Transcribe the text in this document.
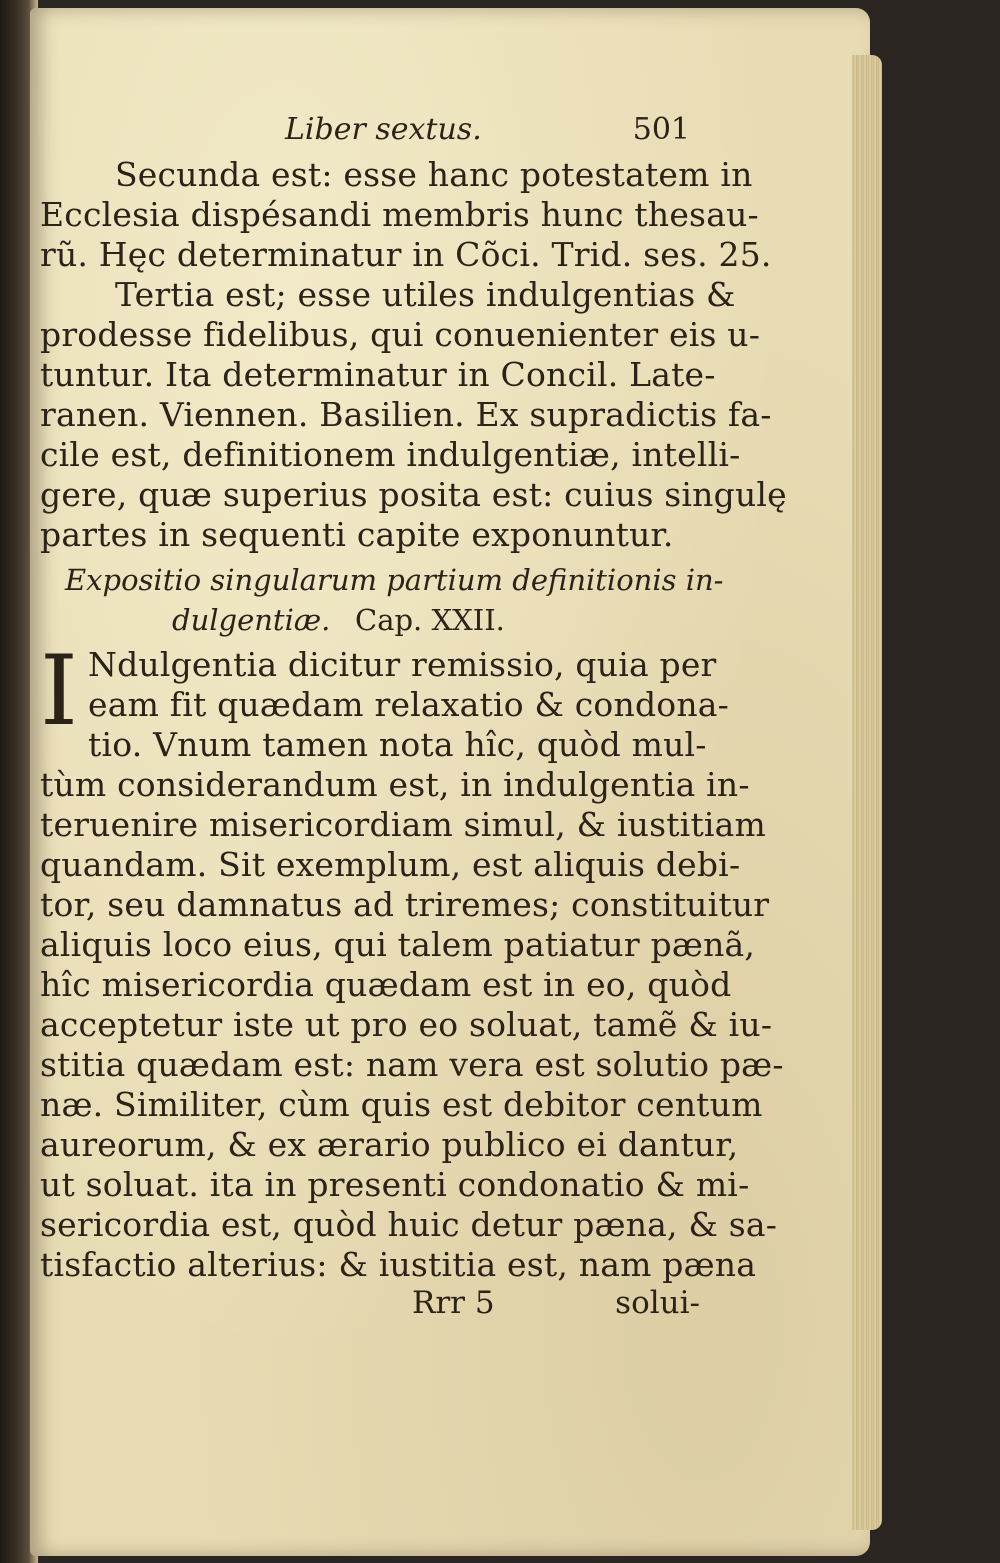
Liber sextus.	501
Secunda est: esse hanc potestatem in
Ecclesia dispésandi membris hunc thesau-
rũ. Hęc determinatur in Cõci. Trid. ses. 25.
Tertia est; esse utiles indulgentias &
prodesse fidelibus, qui conuenienter eis u-
tuntur. Ita determinatur in Concil. Late-
ranen. Viennen. Basilien. Ex supradictis fa-
cile est, definitionem indulgentiæ, intelli-
gere, quæ superius posita est: cuius singulę
partes in sequenti capite exponuntur.
Expositio singularum partium definitionis in-
dulgentiæ. Cap. XXII.
Ndulgentia dicitur remissio, quia per
eam fit quædam relaxatio & condona-
tio. Vnum tamen nota hîc, quòd mul-
tùm considerandum est, in indulgentia in-
teruenire misericordiam simul, & iustitiam
quandam. Sit exemplum, est aliquis debi-
tor, seu damnatus ad triremes; constituitur
aliquis loco eius, qui talem patiatur pænã,
hîc misericordia quædam est in eo, quòd
acceptetur iste ut pro eo soluat, tamẽ & iu-
stitia quædam est: nam vera est solutio pæ-
næ. Similiter, cùm quis est debitor centum
aureorum, & ex ærario publico ei dantur,
ut soluat. ita in presenti condonatio & mi-
sericordia est, quòd huic detur pæna, & sa-
tisfactio alterius: & iustitia est, nam pæna
Rrr 5	solui-
I
